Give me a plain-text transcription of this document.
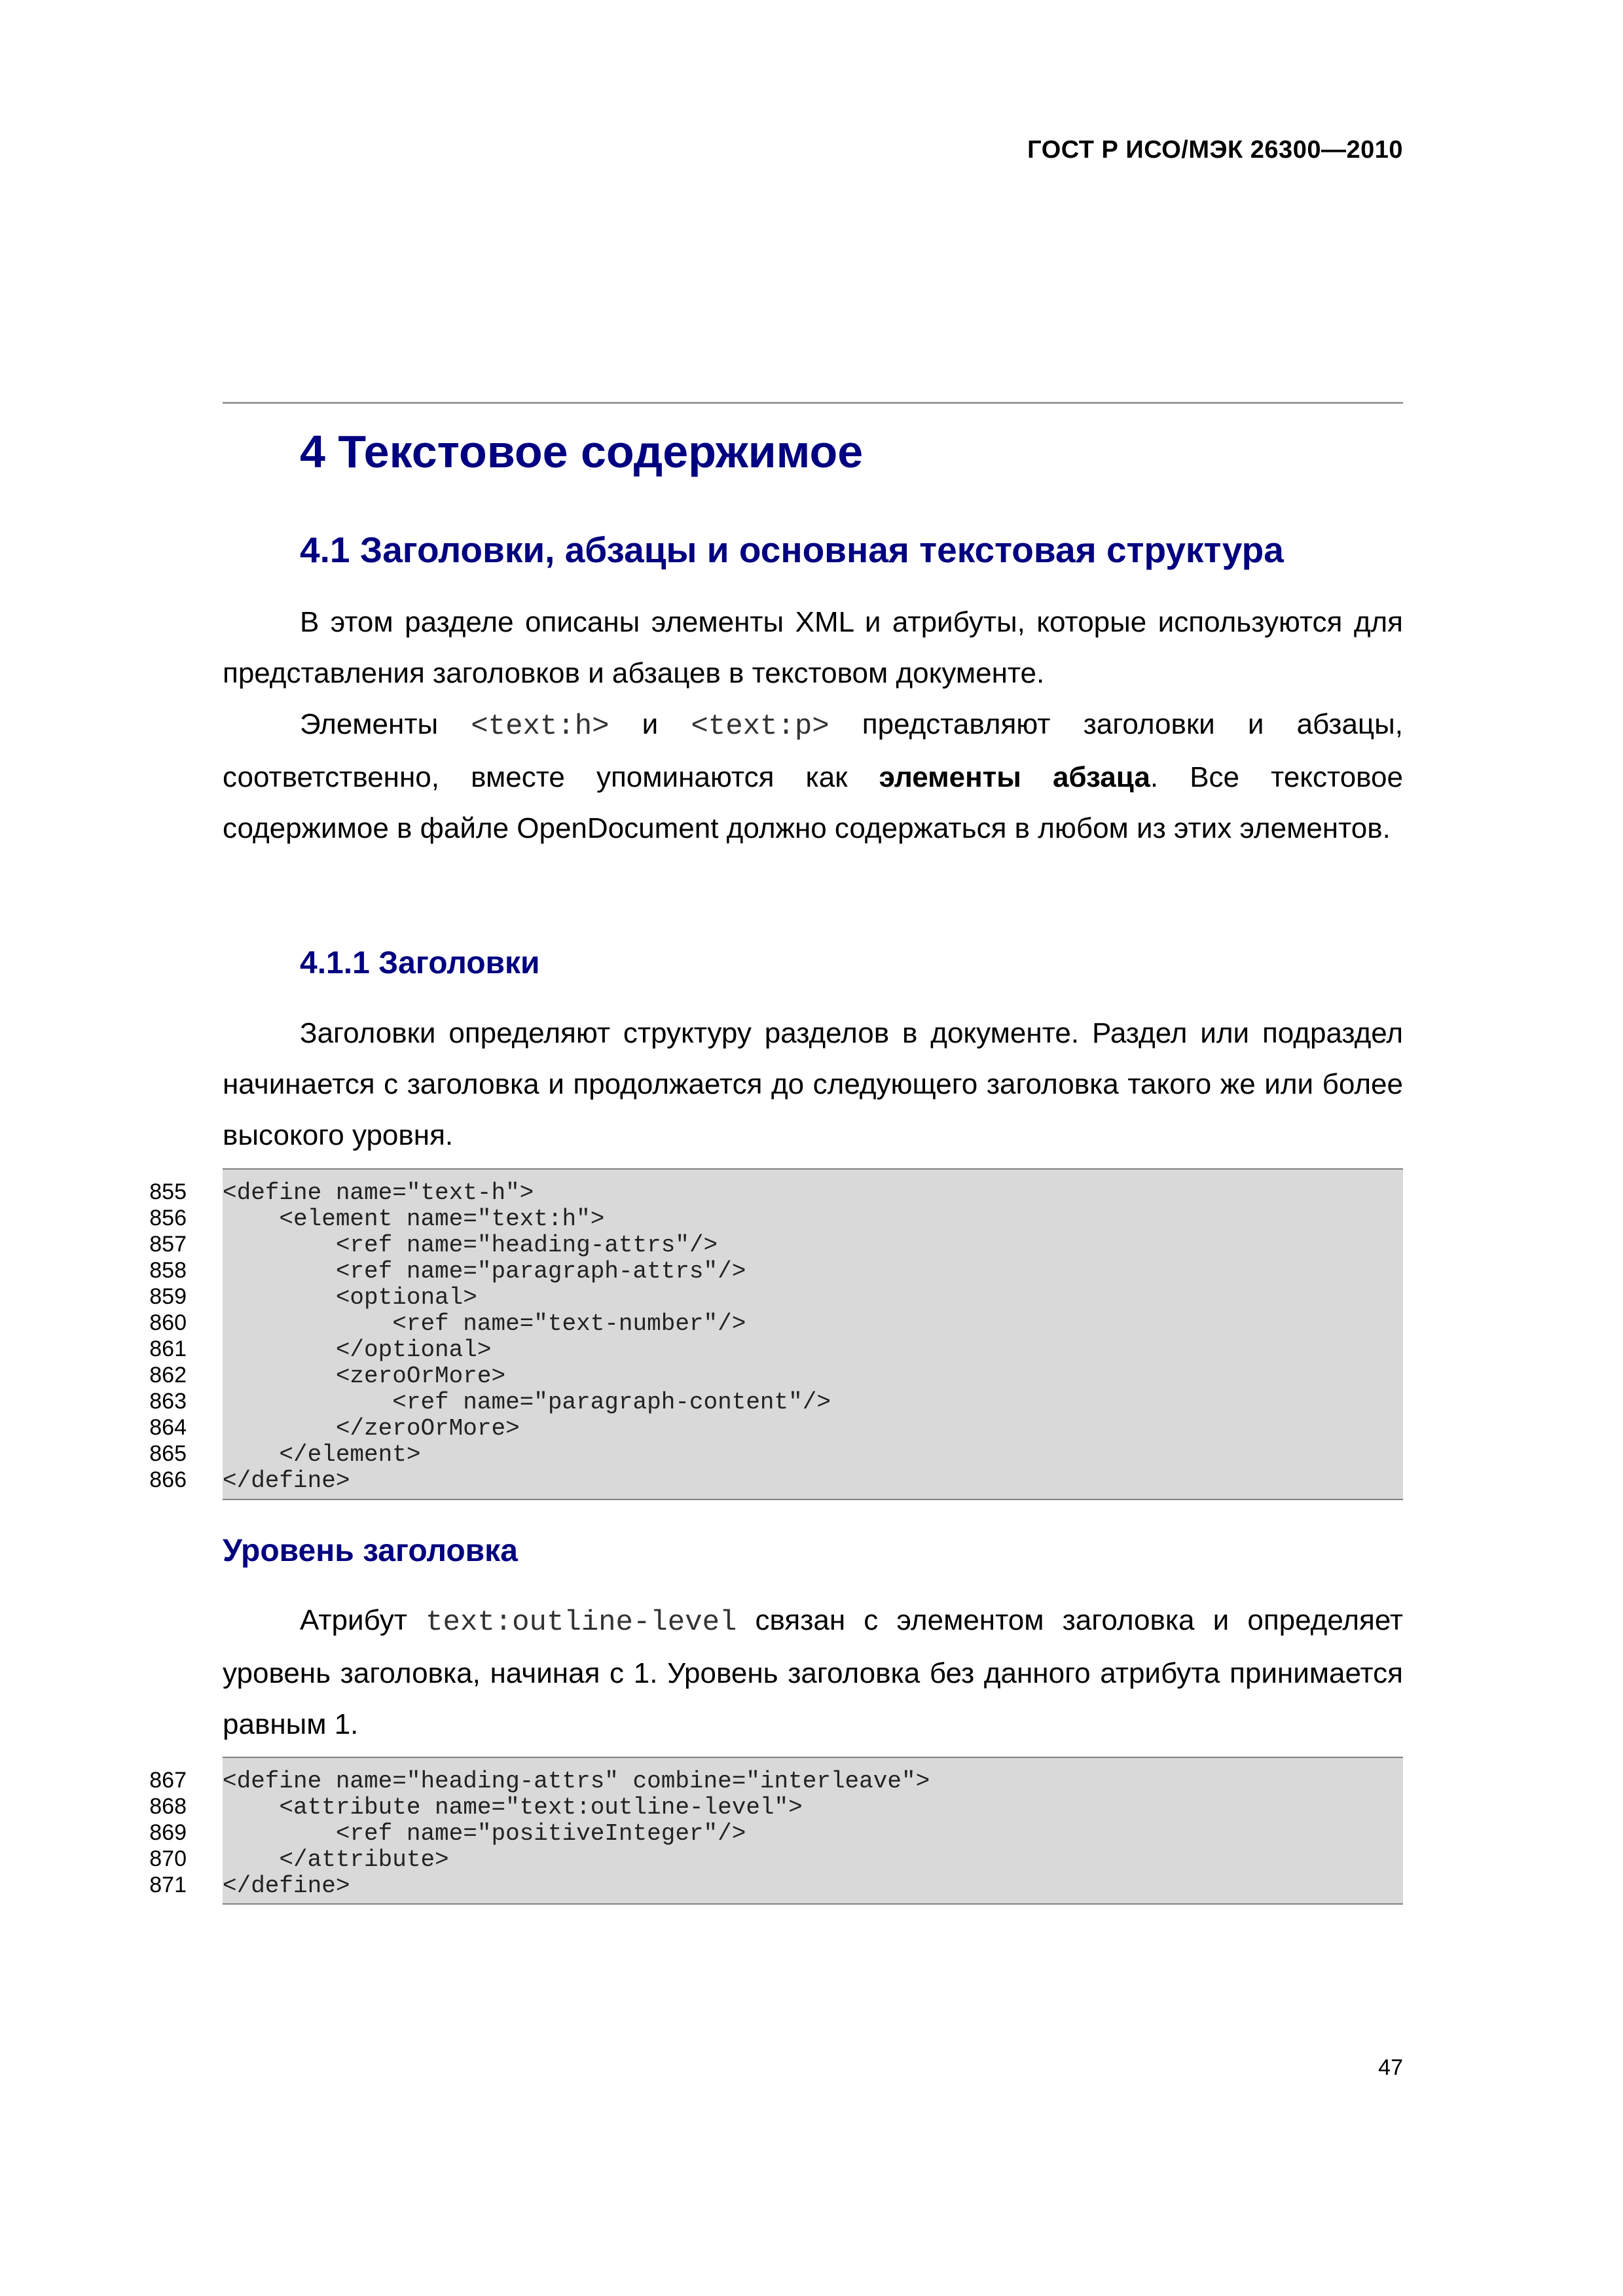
ГОСТ Р ИСО/МЭК 26300—2010
4 Текстовое содержимое
4.1 Заголовки, абзацы и основная текстовая структура

В этом разделе описаны элементы XML и атрибуты, которые используются для представления заголовков и абзацев в текстовом документе.

Элементы <text:h> и <text:p> представляют заголовки и абзацы, соответственно, вместе упоминаются как элементы абзаца. Все текстовое содержимое в файле OpenDocument должно содержаться в любом из этих элементов.

4.1.1 Заголовки

Заголовки определяют структуру разделов в документе. Раздел или подраздел начинается с заголовка и продолжается до следующего заголовка такого же или более высокого уровня.

855
856
857
858
859
860
861
862
863
864
865
866
<define name="text-h">
<element name="text:h">
<ref name="heading-attrs"/>
<ref name="paragraph-attrs"/>
<optional>
<ref name="text-number"/>
</optional>
<zeroOrMore>
<ref name="paragraph-content"/>
</zeroOrMore>
</element>
</define>
Уровень заголовка

Атрибут text:outline-level связан с элементом заголовка и определяет уровень заголовка, начиная с 1. Уровень заголовка без данного атрибута принимается равным 1.

867
868
869
870
871
<define name="heading-attrs" combine="interleave">
<attribute name="text:outline-level">
<ref name="positiveInteger"/>
</attribute>
</define>
47
